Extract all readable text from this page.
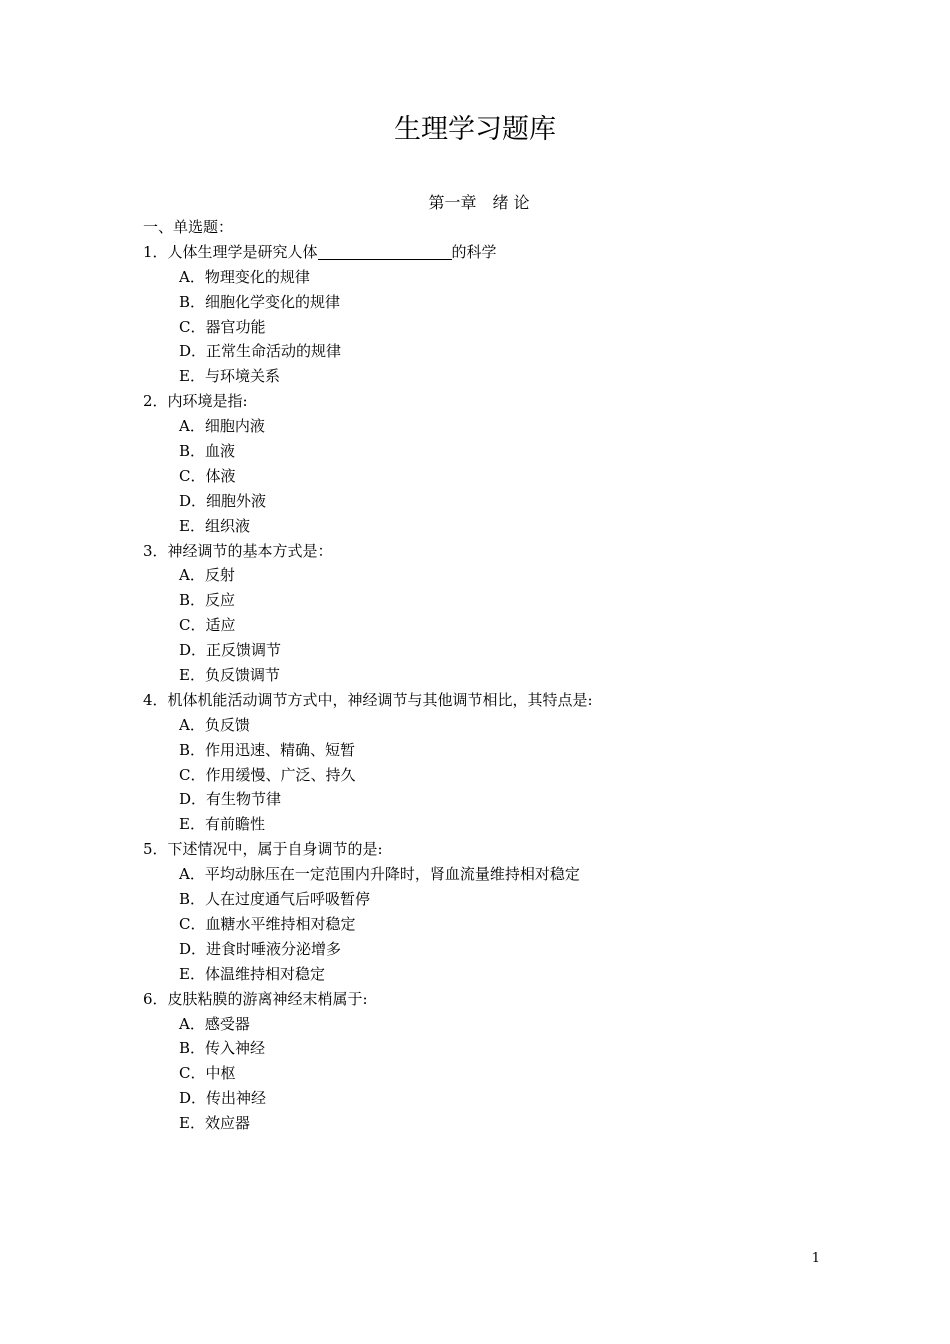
生理学习题库
第一章　绪 论
一、单选题：
1．人体生理学是研究人体	的科学
A．物理变化的规律
B．细胞化学变化的规律
C．器官功能
D．正常生命活动的规律
E．与环境关系
2．内环境是指:
A．细胞内液
B．血液
C．体液
D．细胞外液
E．组织液
3．神经调节的基本方式是：
A．反射
B．反应
C．适应
D．正反馈调节
E．负反馈调节
4．机体机能活动调节方式中，神经调节与其他调节相比，其特点是:
A．负反馈
B．作用迅速、精确、短暂
C．作用缓慢、广泛、持久
D．有生物节律
E．有前瞻性
5．下述情况中，属于自身调节的是:
A．平均动脉压在一定范围内升降时，肾血流量维持相对稳定
B．人在过度通气后呼吸暂停
C．血糖水平维持相对稳定
D．进食时唾液分泌增多
E．体温维持相对稳定
6．皮肤粘膜的游离神经末梢属于:
A．感受器
B．传入神经
C．中枢
D．传出神经
E．效应器
1
